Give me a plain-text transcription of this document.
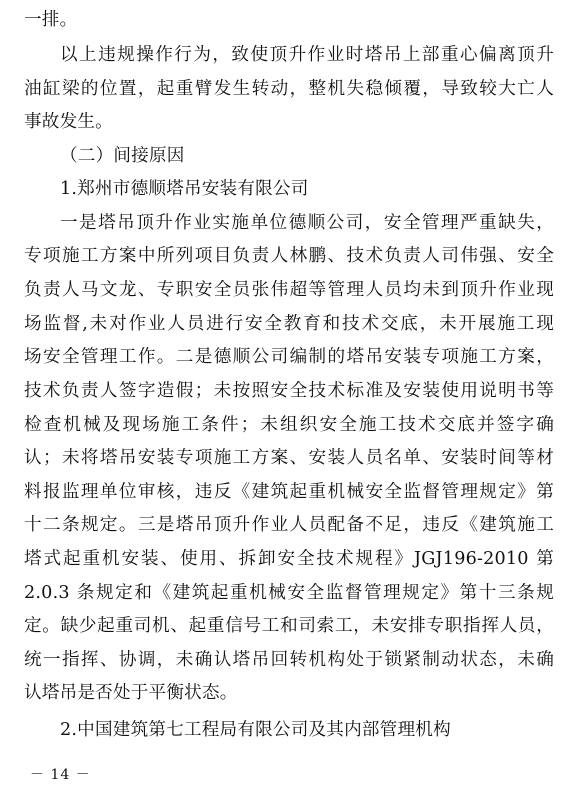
一排。
以上违规操作行为，致使顶升作业时塔吊上部重心偏离顶升
油缸梁的位置，起重臂发生转动，整机失稳倾覆，导致较大亡人
事故发生。
（二）间接原因
1.郑州市德顺塔吊安装有限公司
一是塔吊顶升作业实施单位德顺公司，安全管理严重缺失，
专项施工方案中所列项目负责人林鹏、技术负责人司伟强、安全
负责人马文龙、专职安全员张伟超等管理人员均未到顶升作业现
场监督,未对作业人员进行安全教育和技术交底，未开展施工现
场安全管理工作。二是德顺公司编制的塔吊安装专项施工方案，
技术负责人签字造假；未按照安全技术标准及安装使用说明书等
检查机械及现场施工条件；未组织安全施工技术交底并签字确
认；未将塔吊安装专项施工方案、安装人员名单、安装时间等材
料报监理单位审核，违反《建筑起重机械安全监督管理规定》第
十二条规定。三是塔吊顶升作业人员配备不足，违反《建筑施工
塔式起重机安装、使用、拆卸安全技术规程》JGJ196-2010 第
2.0.3 条规定和《建筑起重机械安全监督管理规定》第十三条规
定。缺少起重司机、起重信号工和司索工，未安排专职指挥人员，
统一指挥、协调，未确认塔吊回转机构处于锁紧制动状态，未确
认塔吊是否处于平衡状态。
2.中国建筑第七工程局有限公司及其内部管理机构
－ 14 －
